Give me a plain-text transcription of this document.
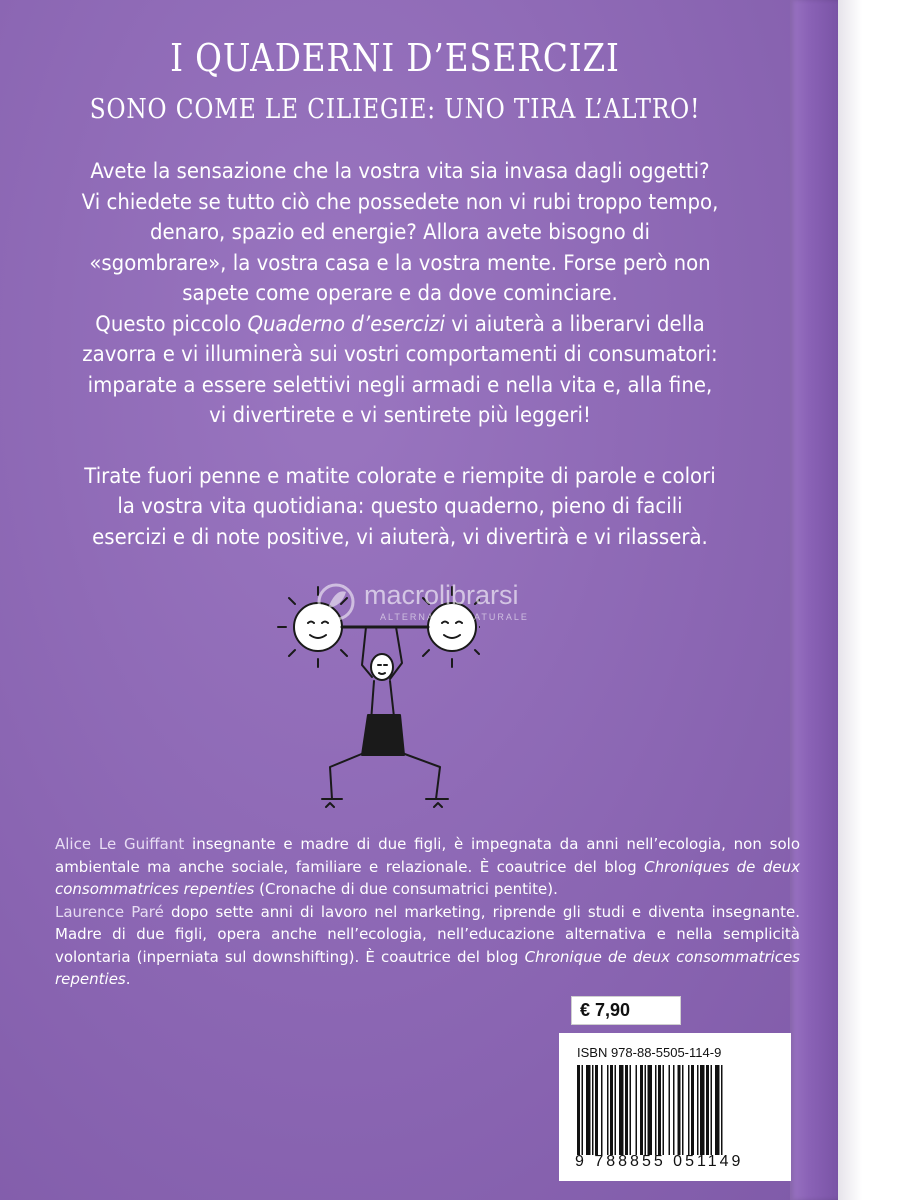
I QUADERNI D’ESERCIZI
SONO COME LE CILIEGIE: UNO TIRA L’ALTRO!

Avete la sensazione che la vostra vita sia invasa dagli oggetti? Vi chiedete se tutto ciò che possedete non vi rubi troppo tempo, denaro, spazio ed energie? Allora avete bisogno di «sgombrare», la vostra casa e la vostra mente. Forse però non sapete come operare e da dove cominciare.
Questo piccolo Quaderno d’esercizi vi aiuterà a liberarvi della zavorra e vi illuminerà sui vostri comportamenti di consumatori: imparate a essere selettivi negli armadi e nella vita e, alla fine, vi divertirete e vi sentirete più leggeri!

Tirate fuori penne e matite colorate e riempite di parole e colori la vostra vita quotidiana: questo quaderno, pieno di facili esercizi e di note positive, vi aiuterà, vi divertirà e vi rilasserà.

Alice Le Guiffant insegnante e madre di due figli, è impegnata da anni nell’ecologia, non solo ambientale ma anche sociale, familiare e relazionale. È coautrice del blog Chroniques de deux consommatrices repenties (Cronache di due consumatrici pentite).

Laurence Paré dopo sette anni di lavoro nel marketing, riprende gli studi e diventa insegnante. Madre di due figli, opera anche nell’ecologia, nell’educazione alternativa e nella semplicità volontaria (inperniata sul downshifting). È coautrice del blog Chronique de deux consommatrices repenties.

€ 7,90
ISBN 978-88-5505-114-9
9 788855 051149
macrolibrarsi
ALTERNATIVA NATURALE
